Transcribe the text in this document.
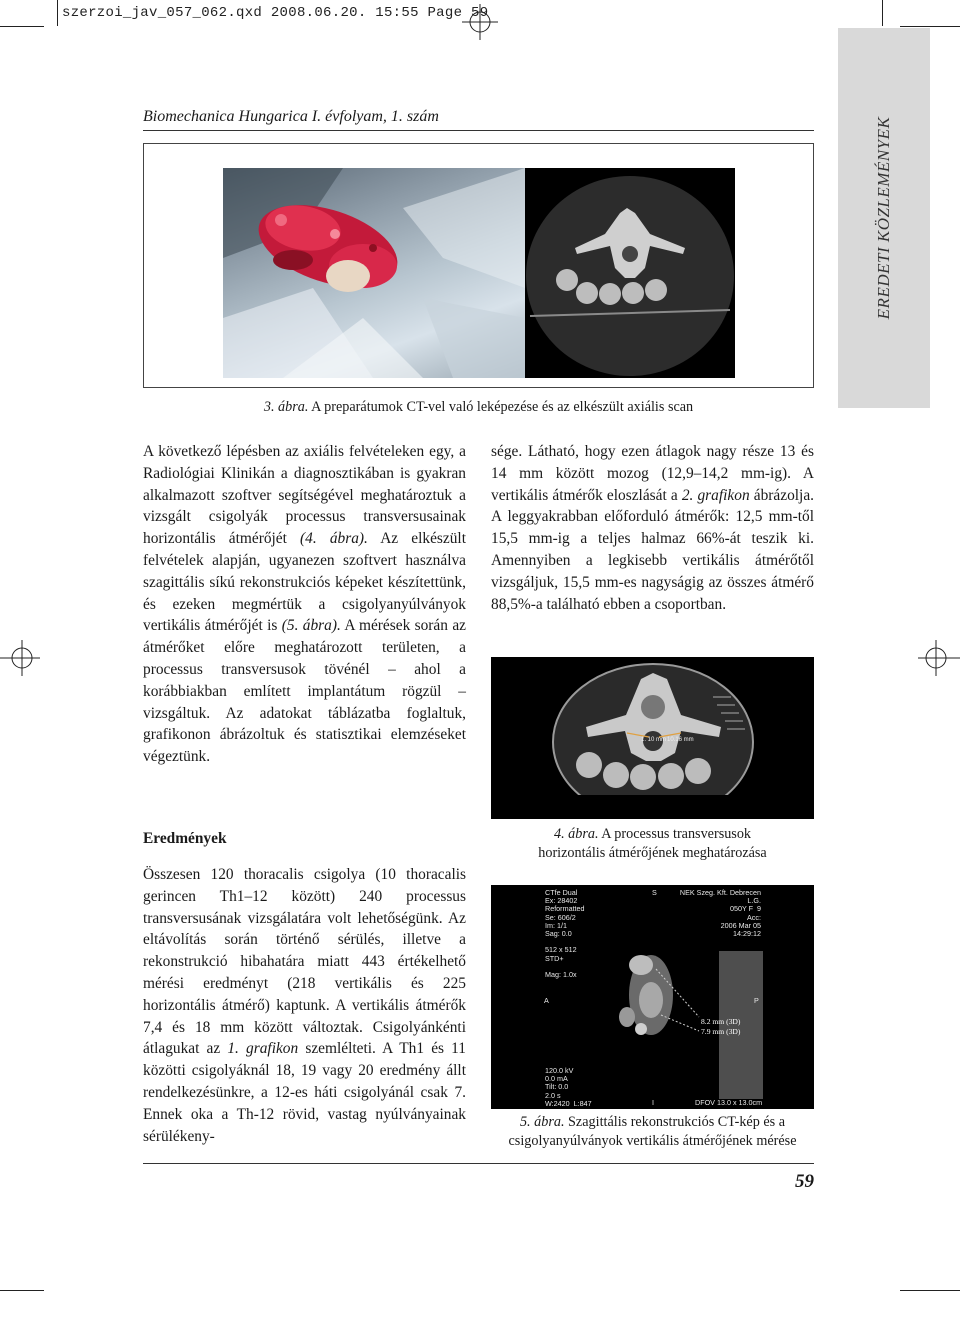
szerzoi_jav_057_062.qxd 2008.06.20. 15:55 Page 59
Biomechanica Hungarica I. évfolyam, 1. szám
EREDETI KÖZLEMÉNYEK
3. ábra. A preparátumok CT-vel való leképezése és az elkészült axiális scan

A következő lépésben az axiális felvételeken egy, a Radiológiai Klinikán a diagnosztikában is gyakran alkalmazott szoftver segítségével meghatároztuk a vizsgált csigolyák processus transversusainak horizontális átmérőjét (4. ábra). Az elkészült felvételek alapján, ugyanezen szoftvert használva szagittális síkú rekonstrukciós képeket készítettünk, és ezeken megmértük a csigolyanyúlványok vertikális átmérőjét is (5. ábra). A mérések során az átmérőket előre meghatározott területen, a processus transversusok tövénél – ahol a korábbiakban említett implantátum rögzül – vizsgáltuk. Az adatokat táblázatba foglaltuk, grafikonon ábrázoltuk és statisztikai elemzéseket végeztünk.

Eredmények

Összesen 120 thoracalis csigolya (10 thoracalis gerincen Th1–12 között) 240 processus transversusának vizsgálatára volt lehetőségünk. Az eltávolítás során történő sérülés, illetve a rekonstrukció hibahatára miatt 443 értékelhető mérési eredményt (218 vertikális és 225 horizontális átmérő) kaptunk. A vertikális átmérők 7,4 és 18 mm között változtak. Csigolyánkénti átlagukat az 1. grafikon szemlélteti. A Th1 és 11 közötti csigolyáknál 18, 19 vagy 20 eredmény állt rendelkezésünkre, a 12-es háti csigolyánál csak 7. Ennek oka a Th-12 rövid, vastag nyúlványainak sérülékeny-

sége. Látható, hogy ezen átlagok nagy része 13 és 14 mm között mozog (12,9–14,2 mm-ig). A vertikális átmérők eloszlását a 2. grafikon ábrázolja. A leggyakrabban előforduló átmérők: 12,5 mm-től 15,5 mm-ig a teljes halmaz 66%-át teszik ki. Amennyiben a legkisebb vertikális átmérőtől vizsgáljuk, 15,5 mm-es nagyságig az összes átmérő 88,5%-a található ebben a csoportban.

1. 10 mm 10.16 mm
4. ábra. A processus transversusok
horizontális átmérőjének meghatározása
CTfe Dual
Ex: 28402
Reformatted
Se: 606/2
Im: 1/1
Sag: 0.0

512 x 512
STD+

Mag: 1.0x
S	NEK Szeg. Kft. Debrecen
L.G.
050Y F  9
Acc:
2006 Mar 05
14:29:12
A	P
8.2 mm (3D)
7.9 mm (3D)
120.0 kV
0.0 mA
Tilt: 0.0
2.0 s
W:2420  L:847	I	DFOV 13.0 x 13.0cm
5. ábra. Szagittális rekonstrukciós CT-kép és a
csigolyanyúlványok vertikális átmérőjének mérése
59
